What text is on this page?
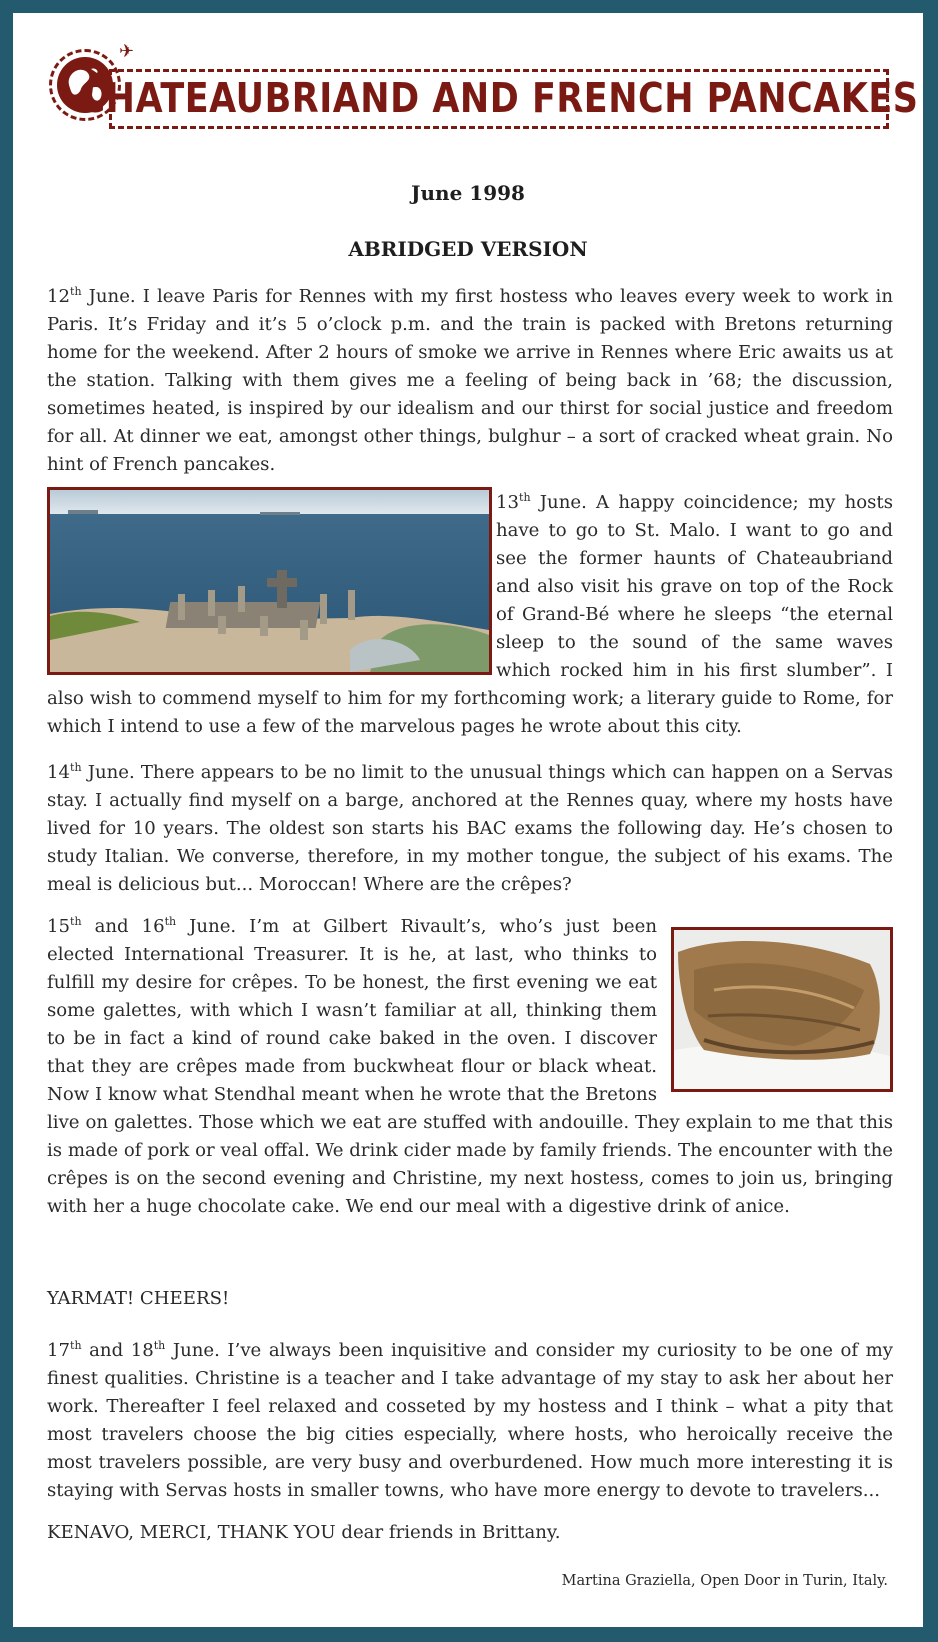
✈
CHATEAUBRIAND AND FRENCH PANCAKES
June 1998
ABRIDGED VERSION
12th June. I leave Paris for Rennes with my first hostess who leaves every week to work in Paris. It’s Friday and it’s 5 o’clock p.m. and the train is packed with Bretons returning home for the weekend. After 2 hours of smoke we arrive in Rennes where Eric awaits us at the station. Talking with them gives me a feeling of being back in ’68; the discussion, sometimes heated, is inspired by our idealism and our thirst for social justice and freedom for all. At dinner we eat, amongst other things, bulghur – a sort of cracked wheat grain. No hint of French pancakes.
13th June. A happy coincidence; my hosts have to go to St. Malo. I want to go and see the former haunts of Chateaubriand and also visit his grave on top of the Rock of Grand-Bé where he sleeps “the eternal sleep to the sound of the same waves which rocked him in his first slumber”. I also wish to commend myself to him for my forthcoming work; a literary guide to Rome, for which I intend to use a few of the marvelous pages he wrote about this city.
14th June. There appears to be no limit to the unusual things which can happen on a Servas stay. I actually find myself on a barge, anchored at the Rennes quay, where my hosts have lived for 10 years. The oldest son starts his BAC exams the following day. He’s chosen to study Italian. We converse, therefore, in my mother tongue, the subject of his exams. The meal is delicious but... Moroccan! Where are the crêpes?
15th and 16th June. I’m at Gilbert Rivault’s, who’s just been elected International Treasurer. It is he, at last, who thinks to fulfill my desire for crêpes. To be honest, the first evening we eat some galettes, with which I wasn’t familiar at all, thinking them to be in fact a kind of round cake baked in the oven. I discover that they are crêpes made from buckwheat flour or black wheat. Now I know what Stendhal meant when he wrote that the Bretons live on galettes. Those which we eat are stuffed with andouille. They explain to me that this is made of pork or veal offal. We drink cider made by family friends. The encounter with the crêpes is on the second evening and Christine, my next hostess, comes to join us, bringing with her a huge chocolate cake. We end our meal with a digestive drink of anice.
YARMAT! CHEERS!
17th and 18th June. I’ve always been inquisitive and consider my curiosity to be one of my finest qualities. Christine is a teacher and I take advantage of my stay to ask her about her work. Thereafter I feel relaxed and cosseted by my hostess and I think – what a pity that most travelers choose the big cities especially, where hosts, who heroically receive the most travelers possible, are very busy and overburdened. How much more interesting it is staying with Servas hosts in smaller towns, who have more energy to devote to travelers...
KENAVO, MERCI, THANK YOU dear friends in Brittany.
Martina Graziella, Open Door in Turin, Italy.
